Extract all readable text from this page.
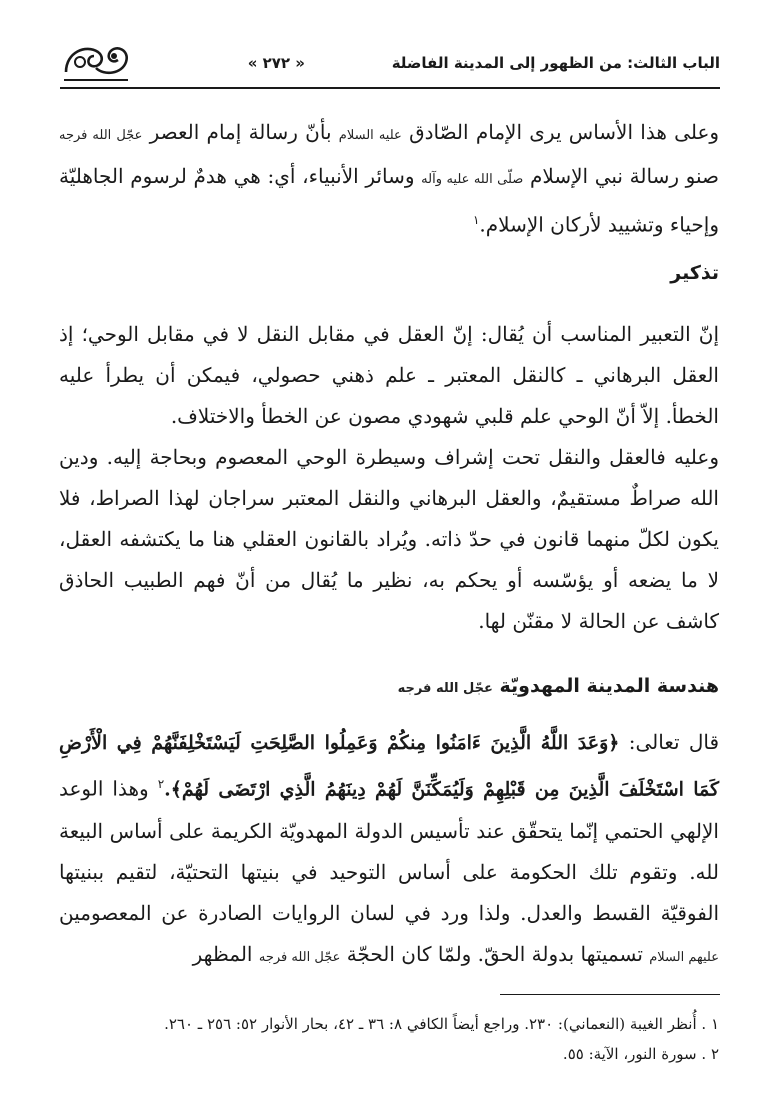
الباب الثالث: من الظهور إلى المدينة الفاضلة
« ٢٧٢ »

وعلى هذا الأساس يرى الإمام الصّادق عليه السلام بأنّ رسالة إمام العصر عجّل الله فرجه صنو رسالة نبي الإسلام صلّى الله عليه وآله وسائر الأنبياء، أي: هي هدمٌ لرسوم الجاهليّة وإحياء وتشييد لأركان الإسلام.$^١$

تذكير

إنّ التعبير المناسب أن يُقال: إنّ العقل في مقابل النقل لا في مقابل الوحي؛ إذ العقل البرهاني ـ كالنقل المعتبر ـ علم ذهني حصولي، فيمكن أن يطرأ عليه الخطأ. إلاّ أنّ الوحي علم قلبي شهودي مصون عن الخطأ والاختلاف.

وعليه فالعقل والنقل تحت إشراف وسيطرة الوحي المعصوم وبحاجة إليه. ودين الله صراطٌ مستقيمٌ، والعقل البرهاني والنقل المعتبر سراجان لهذا الصراط، فلا يكون لكلّ منهما قانون في حدّ ذاته. ويُراد بالقانون العقلي هنا ما يكتشفه العقل، لا ما يضعه أو يؤسّسه أو يحكم به، نظير ما يُقال من أنّ فهم الطبيب الحاذق كاشف عن الحالة لا مقنّن لها.

هندسة المدينة المهدويّة عجّل الله فرجه

قال تعالى: ﴿وَعَدَ اللَّهُ الَّذِينَ ءَامَنُوا مِنكُمْ وَعَمِلُوا الصَّلِحَتِ لَيَسْتَخْلِفَنَّهُمْ فِي الْأَرْضِ كَمَا اسْتَخْلَفَ الَّذِينَ مِن قَبْلِهِمْ وَلَيُمَكِّنَنَّ لَهُمْ دِينَهُمُ الَّذِي ارْتَضَى لَهُمْ﴾.$^٢$ وهذا الوعد الإلهي الحتمي إنّما يتحقّق عند تأسيس الدولة المهدويّة الكريمة على أساس البيعة لله. وتقوم تلك الحكومة على أساس التوحيد في بنيتها التحتيّة، لتقيم ببنيتها الفوقيّة القسط والعدل. ولذا ورد في لسان الروايات الصادرة عن المعصومين عليهم السلام تسميتها بدولة الحقّ. ولمّا كان الحجّة عجّل الله فرجه المظهر

١ . أُنظر الغيبة (النعماني): ٢٣٠. وراجع أيضاً الكافي ٨: ٣٦ ـ ٤٢، بحار الأنوار ٥٢: ٢٥٦ ـ ٢٦٠.

٢ . سورة النور، الآية: ٥٥.
